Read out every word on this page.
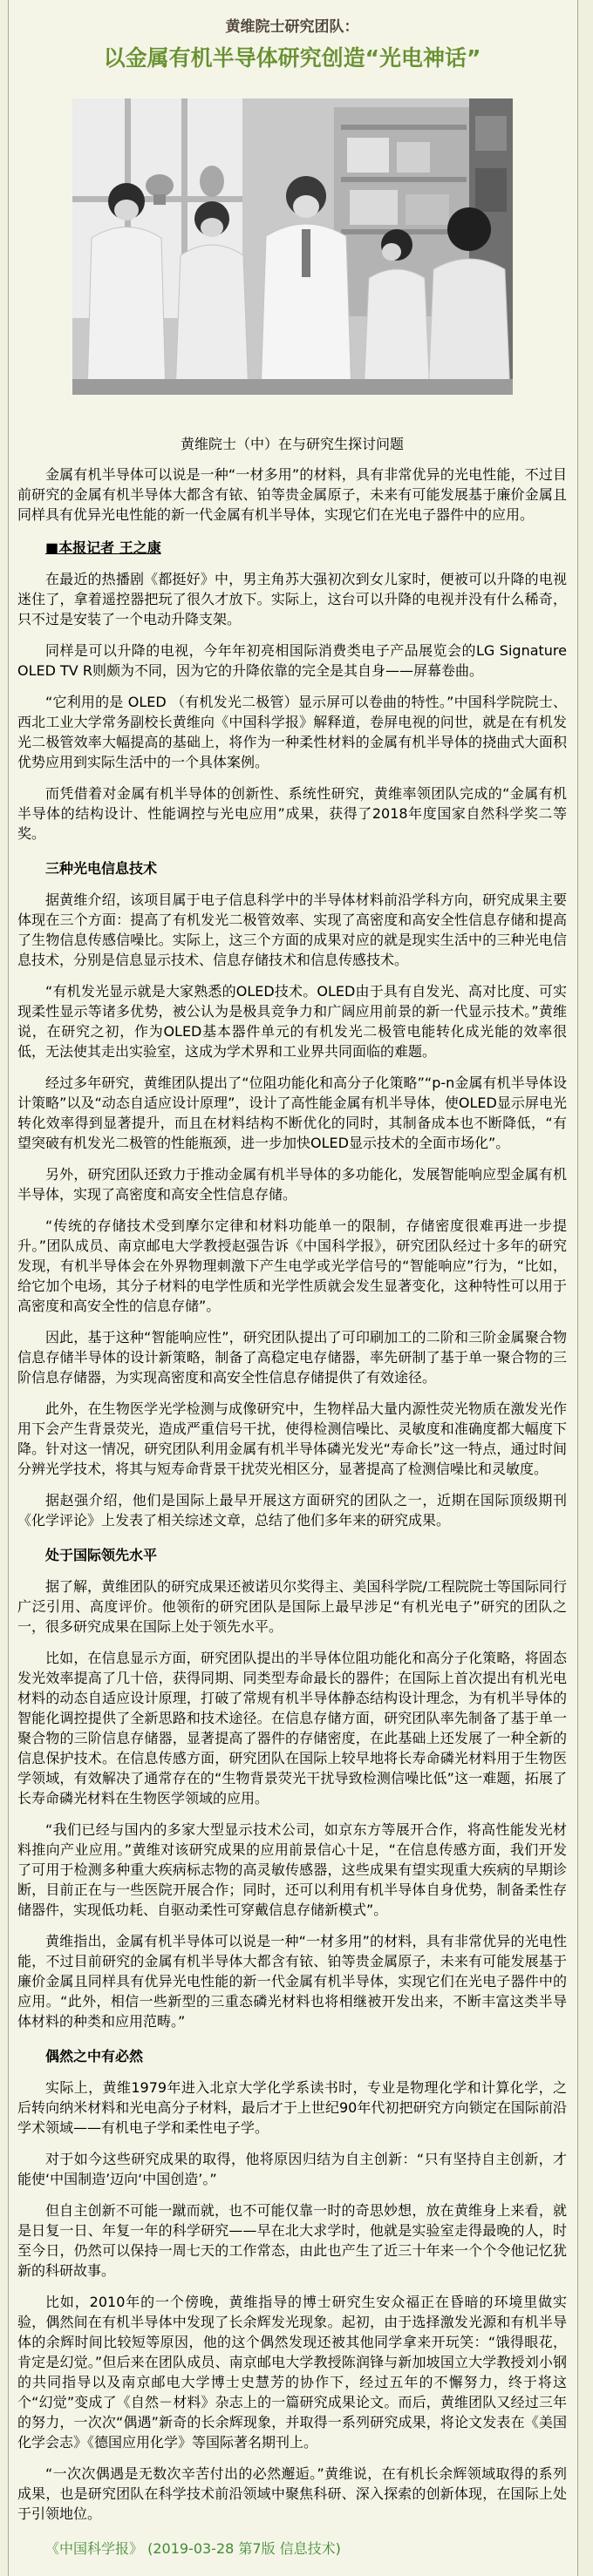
黄维院士研究团队：
以金属有机半导体研究创造“光电神话”
黄维院士（中）在与研究生探讨问题
金属有机半导体可以说是一种“一材多用”的材料，具有非常优异的光电性能，不过目前研究的金属有机半导体大都含有铱、铂等贵金属原子，未来有可能发展基于廉价金属且同样具有优异光电性能的新一代金属有机半导体，实现它们在光电子器件中的应用。
■本报记者 王之康
在最近的热播剧《都挺好》中，男主角苏大强初次到女儿家时，便被可以升降的电视迷住了，拿着遥控器把玩了很久才放下。实际上，这台可以升降的电视并没有什么稀奇，只不过是安装了一个电动升降支架。
同样是可以升降的电视，今年年初亮相国际消费类电子产品展览会的LG Signature OLED TV R则颇为不同，因为它的升降依靠的完全是其自身——屏幕卷曲。
“它利用的是 OLED （有机发光二极管）显示屏可以卷曲的特性。”中国科学院院士、西北工业大学常务副校长黄维向《中国科学报》解释道，卷屏电视的问世，就是在有机发光二极管效率大幅提高的基础上，将作为一种柔性材料的金属有机半导体的挠曲式大面积优势应用到实际生活中的一个具体案例。
而凭借着对金属有机半导体的创新性、系统性研究，黄维率领团队完成的“金属有机半导体的结构设计、性能调控与光电应用”成果，获得了2018年度国家自然科学奖二等奖。
三种光电信息技术
据黄维介绍，该项目属于电子信息科学中的半导体材料前沿学科方向，研究成果主要体现在三个方面：提高了有机发光二极管效率、实现了高密度和高安全性信息存储和提高了生物信息传感信噪比。实际上，这三个方面的成果对应的就是现实生活中的三种光电信息技术，分别是信息显示技术、信息存储技术和信息传感技术。
“有机发光显示就是大家熟悉的OLED技术。OLED由于具有自发光、高对比度、可实现柔性显示等诸多优势，被公认为是极具竞争力和广阔应用前景的新一代显示技术。”黄维说，在研究之初，作为OLED基本器件单元的有机发光二极管电能转化成光能的效率很低，无法使其走出实验室，这成为学术界和工业界共同面临的难题。
经过多年研究，黄维团队提出了“位阻功能化和高分子化策略”“p-n金属有机半导体设计策略”以及“动态自适应设计原理”，设计了高性能金属有机半导体，使OLED显示屏电光转化效率得到显著提升，而且在材料结构不断优化的同时，其制备成本也不断降低，“有望突破有机发光二极管的性能瓶颈，进一步加快OLED显示技术的全面市场化”。
另外，研究团队还致力于推动金属有机半导体的多功能化，发展智能响应型金属有机半导体，实现了高密度和高安全性信息存储。
“传统的存储技术受到摩尔定律和材料功能单一的限制，存储密度很难再进一步提升。”团队成员、南京邮电大学教授赵强告诉《中国科学报》，研究团队经过十多年的研究发现，有机半导体会在外界物理刺激下产生电学或光学信号的“智能响应”行为，“比如，给它加个电场，其分子材料的电学性质和光学性质就会发生显著变化，这种特性可以用于高密度和高安全性的信息存储”。
因此，基于这种“智能响应性”，研究团队提出了可印刷加工的二阶和三阶金属聚合物信息存储半导体的设计新策略，制备了高稳定电存储器，率先研制了基于单一聚合物的三阶信息存储器，为实现高密度和高安全性信息存储提供了有效途径。
此外，在生物医学光学检测与成像研究中，生物样品大量内源性荧光物质在激发光作用下会产生背景荧光，造成严重信号干扰，使得检测信噪比、灵敏度和准确度都大幅度下降。针对这一情况，研究团队利用金属有机半导体磷光发光“寿命长”这一特点，通过时间分辨光学技术，将其与短寿命背景干扰荧光相区分，显著提高了检测信噪比和灵敏度。
据赵强介绍，他们是国际上最早开展这方面研究的团队之一，近期在国际顶级期刊《化学评论》上发表了相关综述文章，总结了他们多年来的研究成果。
处于国际领先水平
据了解，黄维团队的研究成果还被诺贝尔奖得主、美国科学院/工程院院士等国际同行广泛引用、高度评价。他领衔的研究团队是国际上最早涉足“有机光电子”研究的团队之一，很多研究成果在国际上处于领先水平。
比如，在信息显示方面，研究团队提出的半导体位阻功能化和高分子化策略，将固态发光效率提高了几十倍，获得同期、同类型寿命最长的器件；在国际上首次提出有机光电材料的动态自适应设计原理，打破了常规有机半导体静态结构设计理念，为有机半导体的智能化调控提供了全新思路和技术途径。在信息存储方面，研究团队率先制备了基于单一聚合物的三阶信息存储器，显著提高了器件的存储密度，在此基础上还发展了一种全新的信息保护技术。在信息传感方面，研究团队在国际上较早地将长寿命磷光材料用于生物医学领域，有效解决了通常存在的“生物背景荧光干扰导致检测信噪比低”这一难题，拓展了长寿命磷光材料在生物医学领域的应用。
“我们已经与国内的多家大型显示技术公司，如京东方等展开合作，将高性能发光材料推向产业应用。”黄维对该研究成果的应用前景信心十足，“在信息传感方面，我们开发了可用于检测多种重大疾病标志物的高灵敏传感器，这些成果有望实现重大疾病的早期诊断，目前正在与一些医院开展合作；同时，还可以利用有机半导体自身优势，制备柔性存储器件，实现低功耗、自驱动柔性可穿戴信息存储新模式”。
黄维指出，金属有机半导体可以说是一种“一材多用”的材料，具有非常优异的光电性能，不过目前研究的金属有机半导体大都含有铱、铂等贵金属原子，未来有可能发展基于廉价金属且同样具有优异光电性能的新一代金属有机半导体，实现它们在光电子器件中的应用。“此外，相信一些新型的三重态磷光材料也将相继被开发出来，不断丰富这类半导体材料的种类和应用范畴。”
偶然之中有必然
实际上，黄维1979年进入北京大学化学系读书时，专业是物理化学和计算化学，之后转向纳米材料和光电高分子材料，最后才于上世纪90年代初把研究方向锁定在国际前沿学术领域——有机电子学和柔性电子学。
对于如今这些研究成果的取得，他将原因归结为自主创新：“只有坚持自主创新，才能使‘中国制造’迈向‘中国创造’。”
但自主创新不可能一蹴而就，也不可能仅靠一时的奇思妙想，放在黄维身上来看，就是日复一日、年复一年的科学研究——早在北大求学时，他就是实验室走得最晚的人，时至今日，仍然可以保持一周七天的工作常态，由此也产生了近三十年来一个个令他记忆犹新的科研故事。
比如，2010年的一个傍晚，黄维指导的博士研究生安众福正在昏暗的环境里做实验，偶然间在有机半导体中发现了长余辉发光现象。起初，由于选择激发光源和有机半导体的余辉时间比较短等原因，他的这个偶然发现还被其他同学拿来开玩笑：“饿得眼花，肯定是幻觉。”但后来在团队成员、南京邮电大学教授陈润锋与新加坡国立大学教授刘小钢的共同指导以及南京邮电大学博士史慧芳的协作下，经过五年的不懈努力，终于将这个“幻觉”变成了《自然－材料》杂志上的一篇研究成果论文。而后，黄维团队又经过三年的努力，一次次“偶遇”新奇的长余辉现象，并取得一系列研究成果，将论文发表在《美国化学会志》《德国应用化学》等国际著名期刊上。
“一次次偶遇是无数次辛苦付出的必然邂逅。”黄维说，在有机长余辉领域取得的系列成果，也是研究团队在科学技术前沿领域中聚焦科研、深入探索的创新体现，在国际上处于引领地位。
《中国科学报》 (2019-03-28 第7版 信息技术)
